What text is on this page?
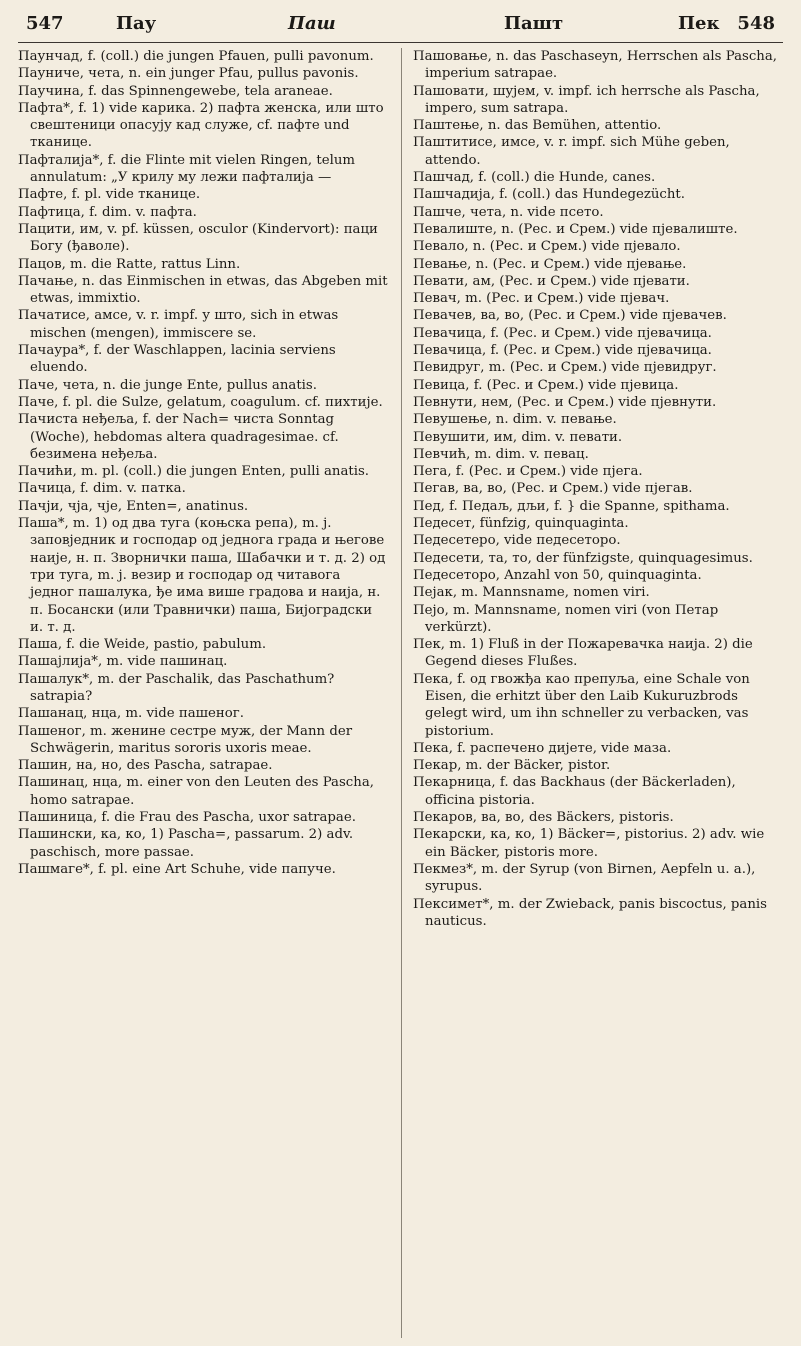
547	Пау	Паш	Пашт	Пек 548

Паунчад, f. (coll.) die jungen Pfauen, pulli pavonum.

Пауниче, чета, n. ein junger Pfau, pullus pavonis.

Паучина, f. das Spinnengewebe, tela araneae.

Пафта*, f. 1) vide карика. 2) пафта женска, или што свештеници опасују кад служе, cf. пафте und тканице.

Пафталија*, f. die Flinte mit vielen Ringen, telum annulatum: „У крилу му лежи пафталија —

Пафте, f. pl. vide тканице.

Пафтица, f. dim. v. пафта.

Пацити, им, v. pf. küssen, osculor (Kindervort): паци Богу (ђаволе).

Пацов, m. die Ratte, rattus Linn.

Пачање, n. das Einmischen in etwas, das Abgeben mit etwas, immixtio.

Пачатисе, амсе, v. r. impf. у што, sich in etwas mischen (mengen), immiscere se.

Пачаура*, f. der Waschlappen, lacinia serviens eluendo.

Паче, чета, n. die junge Ente, pullus anatis.

Паче, f. pl. die Sulze, gelatum, coagulum. cf. пихтије.

Пачиста неђеља, f. der Nach= чиста Sonntag (Woche), hebdomas altera quadragesimae. cf. безимена неђеља.

Пачићи, m. pl. (coll.) die jungen Enten, pulli anatis.

Пачица, f. dim. v. патка.

Пачји, чја, чје, Enten=, anatinus.

Паша*, m. 1) од два туга (коњска репа), m. j. заповједник и господар од једнога града и његове наије, н. п. Зворнички паша, Шабачки и т. д. 2) од три туга, m. j. везир и господар од читавога једног пашалука, ђе има више градова и наија, н. п. Босански (или Травнички) паша, Бијоградски и. т. д.

Паша, f. die Weide, pastio, pabulum.

Пашајлија*, m. vide пашинац.

Пашалук*, m. der Paschalik, das Paschathum? satrapia?

Пашанац, нца, m. vide пашеног.

Пашеног, m. женине сестре муж, der Mann der Schwägerin, maritus sororis uxoris meae.

Пашин, на, но, des Pascha, satrapae.

Пашинац, нца, m. einer von den Leuten des Pascha, homo satrapae.

Пашиница, f. die Frau des Pascha, uxor satrapae.

Пашински, ка, ко, 1) Pascha=, passarum. 2) adv. paschisch, more passae.

Пашмаге*, f. pl. eine Art Schuhe, vide папуче.

Пашовање, n. das Paschaseyn, Herrschen als Pascha, imperium satrapae.

Пашовати, шујем, v. impf. ich herrsche als Pascha, impero, sum satrapa.

Паштење, n. das Bemühen, attentio.

Паштитисе, имсе, v. r. impf. sich Mühe geben, attendo.

Пашчад, f. (coll.) die Hunde, canes.

Пашчадија, f. (coll.) das Hundegezücht.

Пашче, чета, n. vide псето.

Певалиште, n. (Рес. и Срем.) vide пјевалиште.

Певало, n. (Рес. и Срем.) vide пјевало.

Певање, n. (Рес. и Срем.) vide пјевање.

Певати, ам, (Рес. и Срем.) vide пјевати.

Певач, m. (Рес. и Срем.) vide пјевач.

Певачев, ва, во, (Рес. и Срем.) vide пјевачев.

Певачица, f. (Рес. и Срем.) vide пјевачица.

Певачица, f. (Рес. и Срем.) vide пјевачица.

Певидруг, m. (Рес. и Срем.) vide пјевидруг.

Певица, f. (Рес. и Срем.) vide пјевица.

Певнути, нем, (Рес. и Срем.) vide пјевнути.

Певушење, n. dim. v. певање.

Певушити, им, dim. v. певати.

Певчић, m. dim. v. певац.

Пега, f. (Рес. и Срем.) vide пјега.

Пегав, ва, во, (Рес. и Срем.) vide пјегав.

Пед, f. Педаљ, дљи, f. } die Spanne, spithama.

Педесет, fünfzig, quinquaginta.

Педесетеро, vide педесеторо.

Педесети, та, то, der fünfzigste, quinquagesimus.

Педесеторо, Anzahl von 50, quinquaginta.

Пејак, m. Mannsname, nomen viri.

Пејо, m. Mannsname, nomen viri (von Петар verkürzt).

Пек, m. 1) Fluß in der Пожаревачка наија. 2) die Gegend dieses Flußes.

Пека, f. од гвожђа као препуља, eine Schale von Eisen, die erhitzt über den Laib Kukuruzbrods gelegt wird, um ihn schneller zu verbacken, vas pistorium.

Пека, f. распечено дијете, vide маза.

Пекар, m. der Bäcker, pistor.

Пекарница, f. das Backhaus (der Bäckerladen), officina pistoria.

Пекаров, ва, во, des Bäckers, pistoris.

Пекарски, ка, ко, 1) Bäcker=, pistorius. 2) adv. wie ein Bäcker, pistoris more.

Пекмез*, m. der Syrup (von Birnen, Aepfeln u. a.), syrupus.

Пексимет*, m. der Zwieback, panis biscoctus, panis nauticus.
